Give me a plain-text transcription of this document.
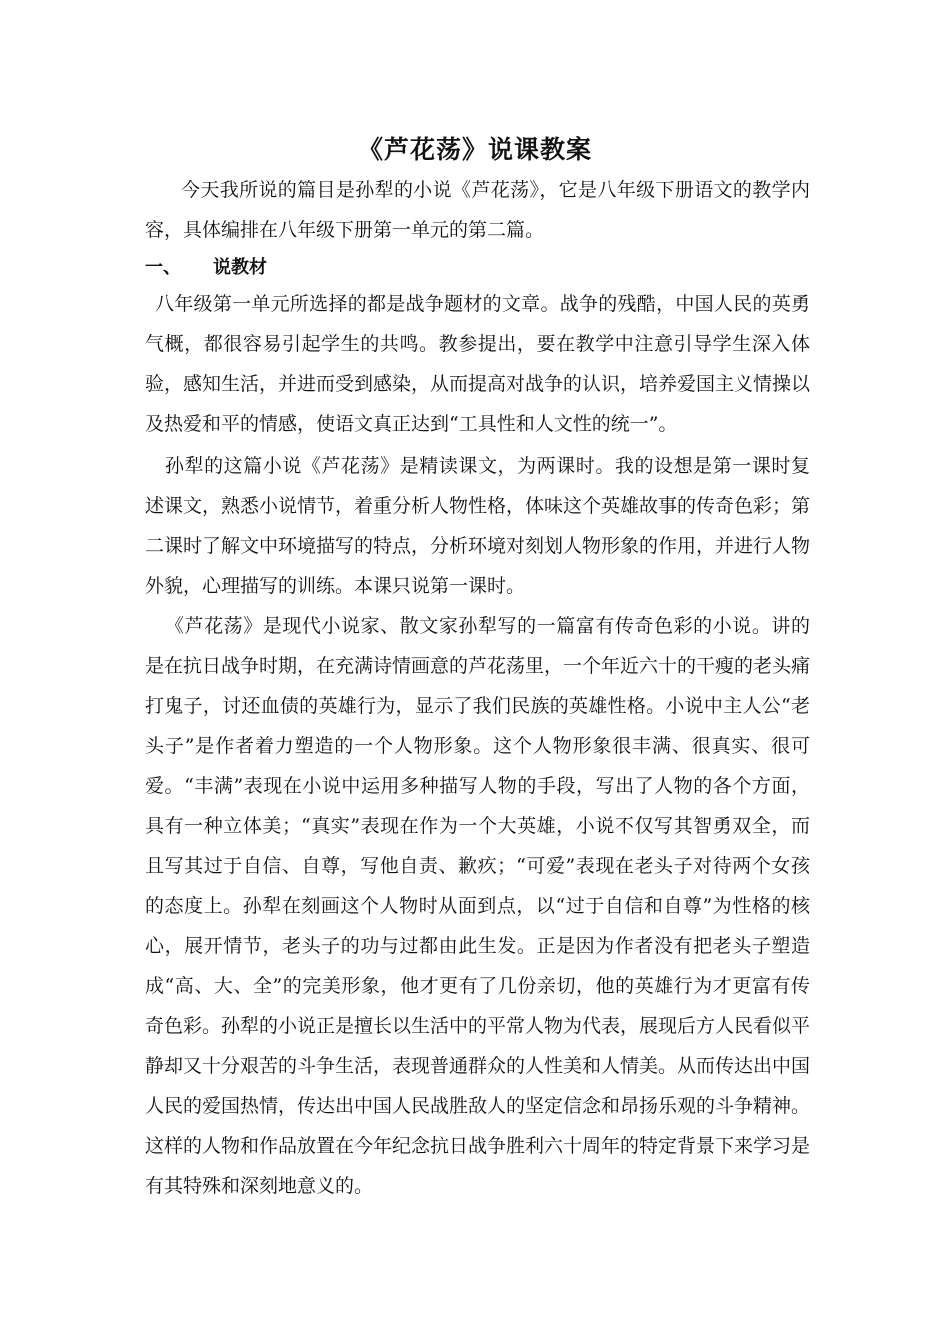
《芦花荡》说课教案

今天我所说的篇目是孙犁的小说《芦花荡》，它是八年级下册语文的教学内容，具体编排在八年级下册第一单元的第二篇。

一、 说教材

八年级第一单元所选择的都是战争题材的文章。战争的残酷，中国人民的英勇气概，都很容易引起学生的共鸣。教参提出，要在教学中注意引导学生深入体验，感知生活，并进而受到感染，从而提高对战争的认识，培养爱国主义情操以及热爱和平的情感，使语文真正达到“工具性和人文性的统一”。

孙犁的这篇小说《芦花荡》是精读课文，为两课时。我的设想是第一课时复述课文，熟悉小说情节，着重分析人物性格，体味这个英雄故事的传奇色彩；第二课时了解文中环境描写的特点，分析环境对刻划人物形象的作用，并进行人物外貌，心理描写的训练。本课只说第一课时。

《芦花荡》是现代小说家、散文家孙犁写的一篇富有传奇色彩的小说。讲的是在抗日战争时期，在充满诗情画意的芦花荡里，一个年近六十的干瘦的老头痛打鬼子，讨还血债的英雄行为，显示了我们民族的英雄性格。小说中主人公“老头子”是作者着力塑造的一个人物形象。这个人物形象很丰满、很真实、很可爱。“丰满”表现在小说中运用多种描写人物的手段，写出了人物的各个方面，具有一种立体美；“真实”表现在作为一个大英雄，小说不仅写其智勇双全，而且写其过于自信、自尊，写他自责、歉疚；“可爱”表现在老头子对待两个女孩的态度上。孙犁在刻画这个人物时从面到点，以“过于自信和自尊”为性格的核心，展开情节，老头子的功与过都由此生发。正是因为作者没有把老头子塑造成“高、大、全”的完美形象，他才更有了几份亲切，他的英雄行为才更富有传奇色彩。孙犁的小说正是擅长以生活中的平常人物为代表，展现后方人民看似平静却又十分艰苦的斗争生活，表现普通群众的人性美和人情美。从而传达出中国人民的爱国热情，传达出中国人民战胜敌人的坚定信念和昂扬乐观的斗争精神。这样的人物和作品放置在今年纪念抗日战争胜利六十周年的特定背景下来学习是有其特殊和深刻地意义的。
